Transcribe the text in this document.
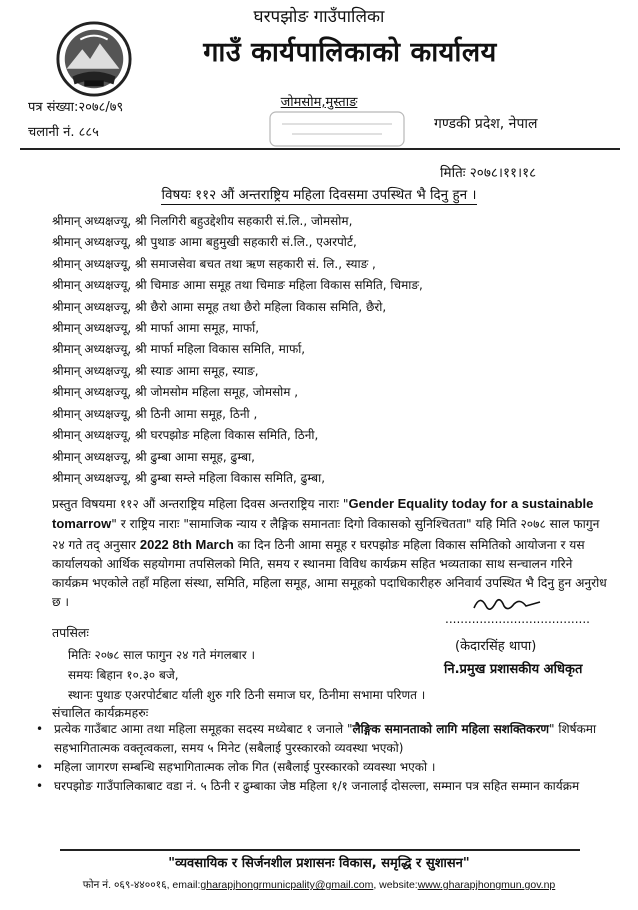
घरपझोङ गाउँपालिका
गाउँ कार्यपालिकाको कार्यालय
जोमसोम,मुस्ताङ
पत्र संख्या:२०७८/७९
चलानी नं. ८८५
गण्डकी प्रदेश, नेपाल
मितिः २०७८।११।१८
विषयः ११२ औं अन्तराष्ट्रिय महिला दिवसमा उपस्थित भै दिनु हुन ।
श्रीमान् अध्यक्षज्यू, श्री निलगिरी बहुउद्देशीय सहकारी सं.लि., जोमसोम,
श्रीमान् अध्यक्षज्यू, श्री पुथाङ आमा बहुमुखी सहकारी सं.लि., एअरपोर्ट,
श्रीमान् अध्यक्षज्यू, श्री समाजसेवा बचत तथा ऋण सहकारी सं. लि., स्याङ ,
श्रीमान् अध्यक्षज्यू, श्री चिमाङ आमा समूह तथा चिमाङ महिला विकास समिति, चिमाङ,
श्रीमान् अध्यक्षज्यू, श्री छैरो आमा समूह तथा छैरो महिला विकास समिति, छैरो,
श्रीमान् अध्यक्षज्यू, श्री मार्फा आमा समूह, मार्फा,
श्रीमान् अध्यक्षज्यू, श्री मार्फा महिला विकास समिति, मार्फा,
श्रीमान् अध्यक्षज्यू, श्री स्याङ आमा समूह, स्याङ,
श्रीमान् अध्यक्षज्यू, श्री जोमसोम महिला समूह, जोमसोम ,
श्रीमान् अध्यक्षज्यू, श्री ठिनी आमा समूह, ठिनी ,
श्रीमान् अध्यक्षज्यू, श्री घरपझोङ महिला विकास समिति, ठिनी,
श्रीमान् अध्यक्षज्यू, श्री ढुम्बा आमा समूह, ढुम्बा,
श्रीमान् अध्यक्षज्यू, श्री ढुम्बा सम्ले महिला विकास समिति, ढुम्बा,
प्रस्तुत विषयमा ११२ औं अन्तराष्ट्रिय महिला दिवस अन्तराष्ट्रिय नाराः "Gender Equality today for a sustainable tomarrow" र राष्ट्रिय नाराः "सामाजिक न्याय र लैङ्गिक समानताः दिगो विकासको सुनिश्चितता" यहि मिति २०७८ साल फागुन २४ गते तद् अनुसार 2022 8th March का दिन ठिनी आमा समूह र घरपझोङ महिला विकास समितिको आयोजना र यस कार्यालयको आर्थिक सहयोगमा तपसिलको मिति, समय र स्थानमा विविध कार्यक्रम सहित भव्यताका साथ सन्चालन गरिने कार्यक्रम भएकोले तहाँ महिला संस्था, समिति, महिला समूह, आमा समूहको पदाधिकारीहरु अनिवार्य उपस्थित भै दिनु हुन अनुरोध छ ।
......................................
(केदारसिंह थापा)
नि.प्रमुख प्रशासकीय अधिकृत
तपसिलः
मितिः २०७८ साल फागुन २४ गते मंगलबार ।
समयः बिहान १०.३० बजे,
स्थानः पुथाङ एअरपोर्टबाट र्याली शुरु गरि ठिनी समाज घर, ठिनीमा सभामा परिणत ।
संचालित कार्यक्रमहरुः
• प्रत्येक गाउँबाट आमा तथा महिला समूहका सदस्य मध्येबाट १ जनाले "लैङ्गिक समानताको लागि महिला सशक्तिकरण" शिर्षकमा सहभागितात्मक वक्तृत्वकला, समय ५ मिनेट (सबैलाई पुरस्कारको व्यवस्था भएको)
• महिला जागरण सम्बन्धि सहभागितात्मक लोक गित (सबैलाई पुरस्कारको व्यवस्था भएको ।
• घरपझोङ गाउँपालिकाबाट वडा नं. ५ ठिनी र ढुम्बाका जेष्ठ महिला १/१ जनालाई दोसल्ला, सम्मान पत्र सहित सम्मान कार्यक्रम
"व्यवसायिक र सिर्जनशील प्रशासनः विकास, समृद्धि र सुशासन"
फोन नं. ०६९-४४००१६, email:gharapjhongrmunicpality@gmail.com, website:www.gharapjhongmun.gov.np
